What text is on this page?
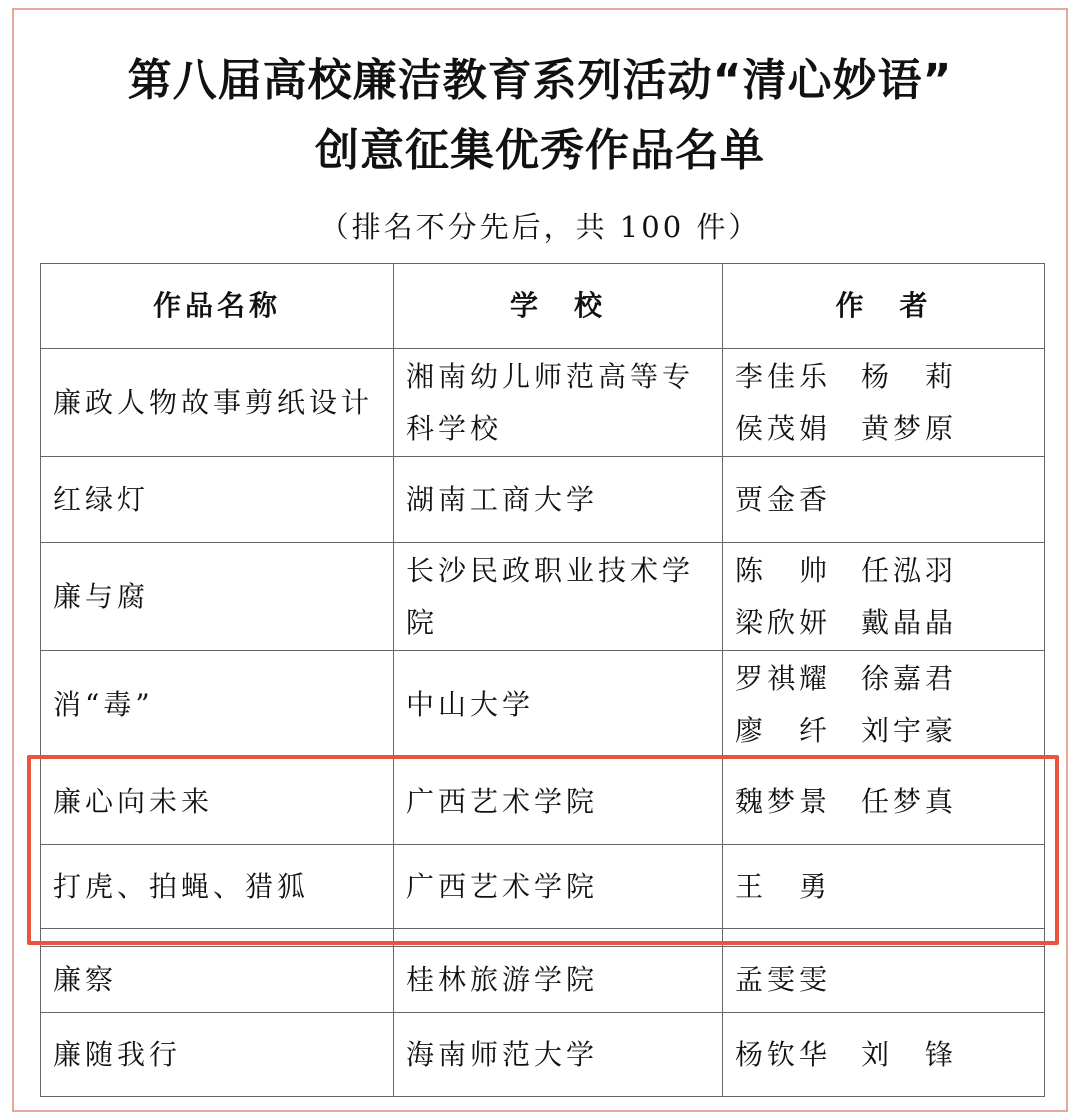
第八届高校廉洁教育系列活动“清心妙语”
创意征集优秀作品名单
（排名不分先后，共 100 件）
作品名称	学　校	作　者
廉政人物故事剪纸设计	湘南幼儿师范高等专科学校	李佳乐 杨　莉
侯茂娟 黄梦原
红绿灯	湖南工商大学	贾金香
廉与腐	长沙民政职业技术学院	陈　帅 任泓羽
梁欣妍 戴晶晶
消“毒”	中山大学	罗祺耀 徐嘉君
廖　纤 刘宇豪
廉心向未来	广西艺术学院	魏梦景 任梦真
打虎、拍蝇、猎狐	广西艺术学院	王　勇

廉察	桂林旅游学院	孟雯雯
廉随我行	海南师范大学	杨钦华 刘　锋
